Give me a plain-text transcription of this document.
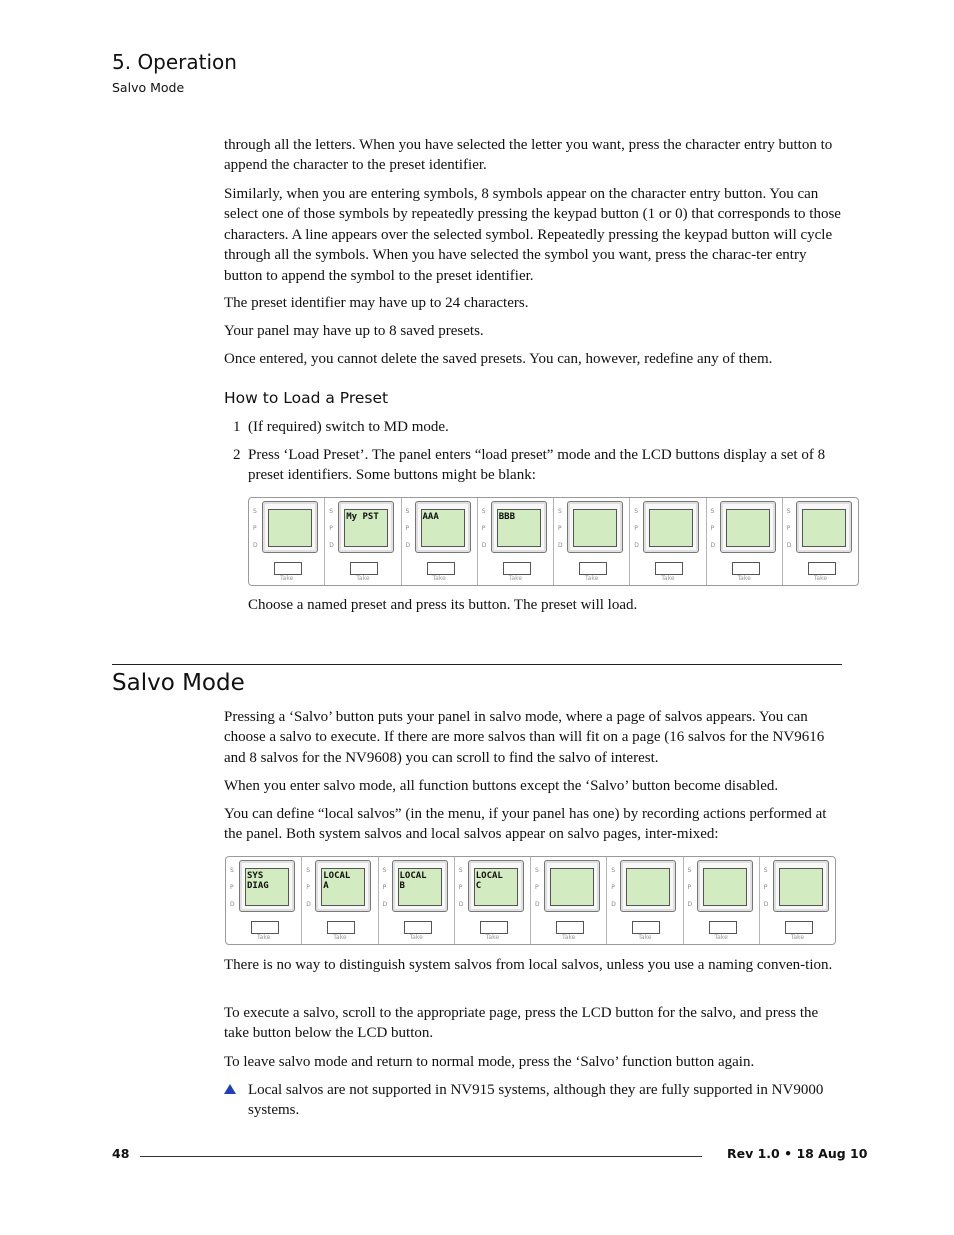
5. Operation
Salvo Mode
through all the letters. When you have selected the letter you want, press the character entry button to append the character to the preset identifier.
Similarly, when you are entering symbols, 8 symbols appear on the character entry button. You can select one of those symbols by repeatedly pressing the keypad button (1 or 0) that corresponds to those characters. A line appears over the selected symbol. Repeatedly pressing the keypad button will cycle through all the symbols. When you have selected the symbol you want, press the charac-ter entry button to append the symbol to the preset identifier.
The preset identifier may have up to 24 characters.
Your panel may have up to 8 saved presets.
Once entered, you cannot delete the saved presets. You can, however, redefine any of them.
How to Load a Preset
1 (If required) switch to MD mode.
2 Press ‘Load Preset’. The panel enters “load preset” mode and the LCD buttons display a set of 8 preset identifiers. Some buttons might be blank:
S
P
D
Take
S
P
D
My PST
Take
S
P
D
AAA
Take
S
P
D
BBB
Take
S
P
D
Take
S
P
D
Take
S
P
D
Take
S
P
D
Take
Choose a named preset and press its button. The preset will load.
Salvo Mode
Pressing a ‘Salvo’ button puts your panel in salvo mode, where a page of salvos appears. You can choose a salvo to execute. If there are more salvos than will fit on a page (16 salvos for the NV9616 and 8 salvos for the NV9608) you can scroll to find the salvo of interest.
When you enter salvo mode, all function buttons except the ‘Salvo’ button become disabled.
You can define “local salvos” (in the menu, if your panel has one) by recording actions performed at the panel. Both system salvos and local salvos appear on salvo pages, inter-mixed:
S
P
D
SYS
DIAG
Take
S
P
D
LOCAL
A
Take
S
P
D
LOCAL
B
Take
S
P
D
LOCAL
C
Take
S
P
D
Take
S
P
D
Take
S
P
D
Take
S
P
D
Take
There is no way to distinguish system salvos from local salvos, unless you use a naming conven-tion.
To execute a salvo, scroll to the appropriate page, press the LCD button for the salvo, and press the take button below the LCD button.
To leave salvo mode and return to normal mode, press the ‘Salvo’ function button again.
Local salvos are not supported in NV915 systems, although they are fully supported in NV9000 systems.
48	Rev 1.0 • 18 Aug 10
